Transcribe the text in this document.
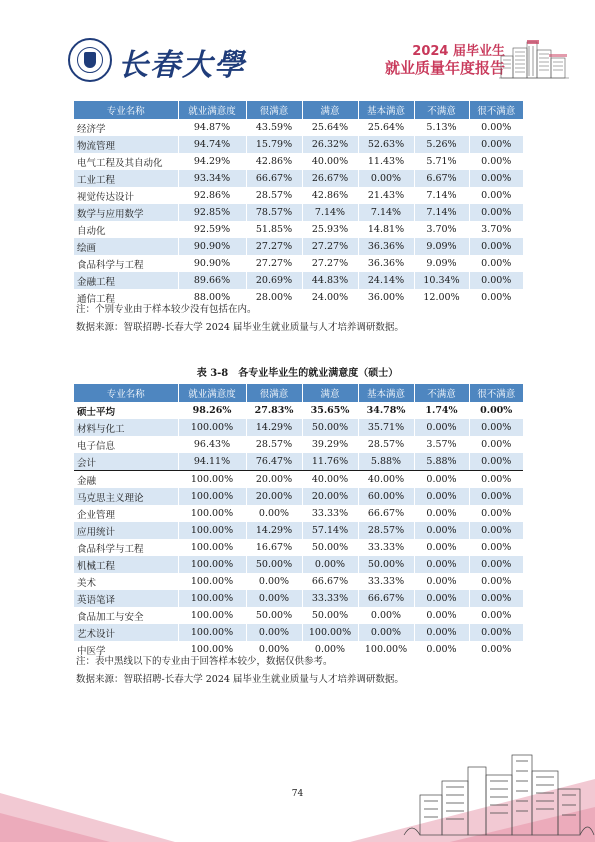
长春大學	2024 届毕业生
就业质量年度报告
专业名称	就业满意度	很满意	满意	基本满意	不满意	很不满意
经济学	94.87%	43.59%	25.64%	25.64%	5.13%	0.00%
物流管理	94.74%	15.79%	26.32%	52.63%	5.26%	0.00%
电气工程及其自动化	94.29%	42.86%	40.00%	11.43%	5.71%	0.00%
工业工程	93.34%	66.67%	26.67%	0.00%	6.67%	0.00%
视觉传达设计	92.86%	28.57%	42.86%	21.43%	7.14%	0.00%
数学与应用数学	92.85%	78.57%	7.14%	7.14%	7.14%	0.00%
自动化	92.59%	51.85%	25.93%	14.81%	3.70%	3.70%
绘画	90.90%	27.27%	27.27%	36.36%	9.09%	0.00%
食品科学与工程	90.90%	27.27%	27.27%	36.36%	9.09%	0.00%
金融工程	89.66%	20.69%	44.83%	24.14%	10.34%	0.00%
通信工程	88.00%	28.00%	24.00%	36.00%	12.00%	0.00%
注：个别专业由于样本较少没有包括在内。
数据来源：智联招聘-长春大学 2024 届毕业生就业质量与人才培养调研数据。
表 3-8　各专业毕业生的就业满意度（硕士）
专业名称	就业满意度	很满意	满意	基本满意	不满意	很不满意
硕士平均	98.26%	27.83%	35.65%	34.78%	1.74%	0.00%
材料与化工	100.00%	14.29%	50.00%	35.71%	0.00%	0.00%
电子信息	96.43%	28.57%	39.29%	28.57%	3.57%	0.00%
会计	94.11%	76.47%	11.76%	5.88%	5.88%	0.00%
金融	100.00%	20.00%	40.00%	40.00%	0.00%	0.00%
马克思主义理论	100.00%	20.00%	20.00%	60.00%	0.00%	0.00%
企业管理	100.00%	0.00%	33.33%	66.67%	0.00%	0.00%
应用统计	100.00%	14.29%	57.14%	28.57%	0.00%	0.00%
食品科学与工程	100.00%	16.67%	50.00%	33.33%	0.00%	0.00%
机械工程	100.00%	50.00%	0.00%	50.00%	0.00%	0.00%
美术	100.00%	0.00%	66.67%	33.33%	0.00%	0.00%
英语笔译	100.00%	0.00%	33.33%	66.67%	0.00%	0.00%
食品加工与安全	100.00%	50.00%	50.00%	0.00%	0.00%	0.00%
艺术设计	100.00%	0.00%	100.00%	0.00%	0.00%	0.00%
中医学	100.00%	0.00%	0.00%	100.00%	0.00%	0.00%
注：表中黑线以下的专业由于回答样本较少，数据仅供参考。
数据来源：智联招聘-长春大学 2024 届毕业生就业质量与人才培养调研数据。
74
